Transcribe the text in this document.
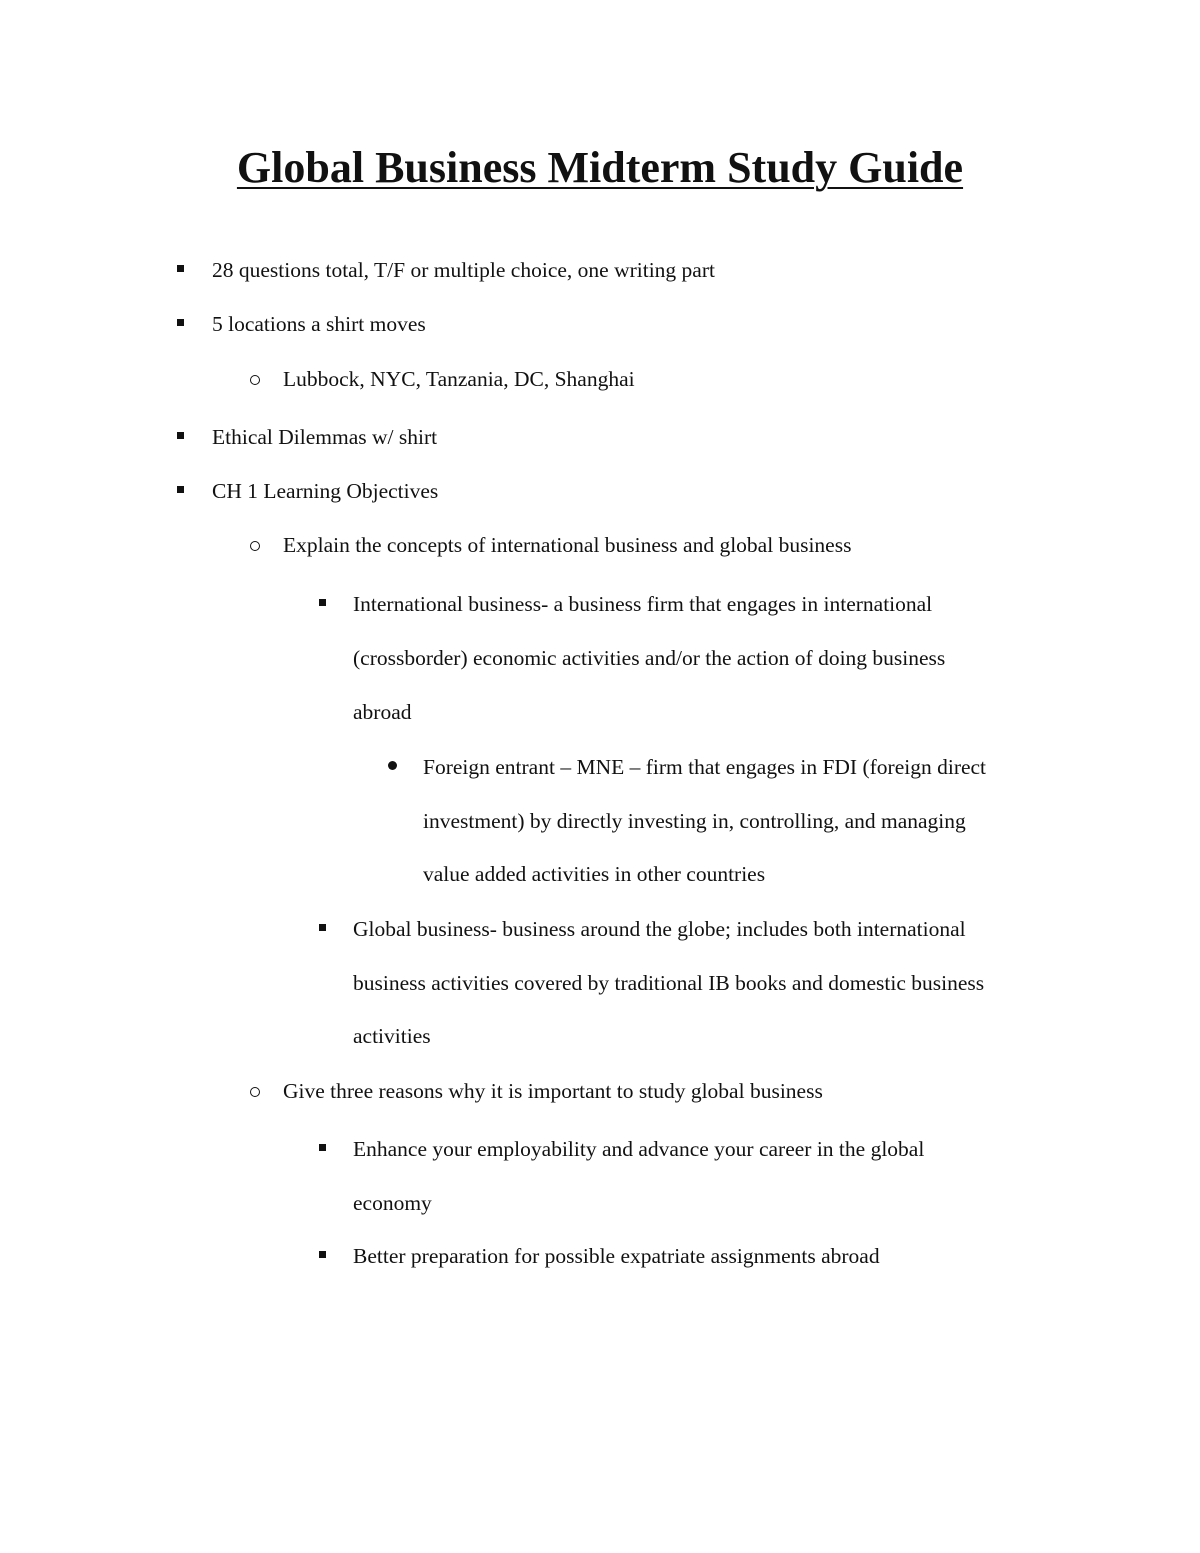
Global Business Midterm Study Guide
28 questions total, T/F or multiple choice, one writing part
5 locations a shirt moves
Lubbock, NYC, Tanzania, DC, Shanghai
Ethical Dilemmas w/ shirt
CH 1 Learning Objectives
Explain the concepts of international business and global business
International business- a business firm that engages in international
(crossborder) economic activities and/or the action of doing business
abroad
Foreign entrant – MNE – firm that engages in FDI (foreign direct
investment) by directly investing in, controlling, and managing
value added activities in other countries
Global business- business around the globe; includes both international
business activities covered by traditional IB books and domestic business
activities
Give three reasons why it is important to study global business
Enhance your employability and advance your career in the global
economy
Better preparation for possible expatriate assignments abroad
